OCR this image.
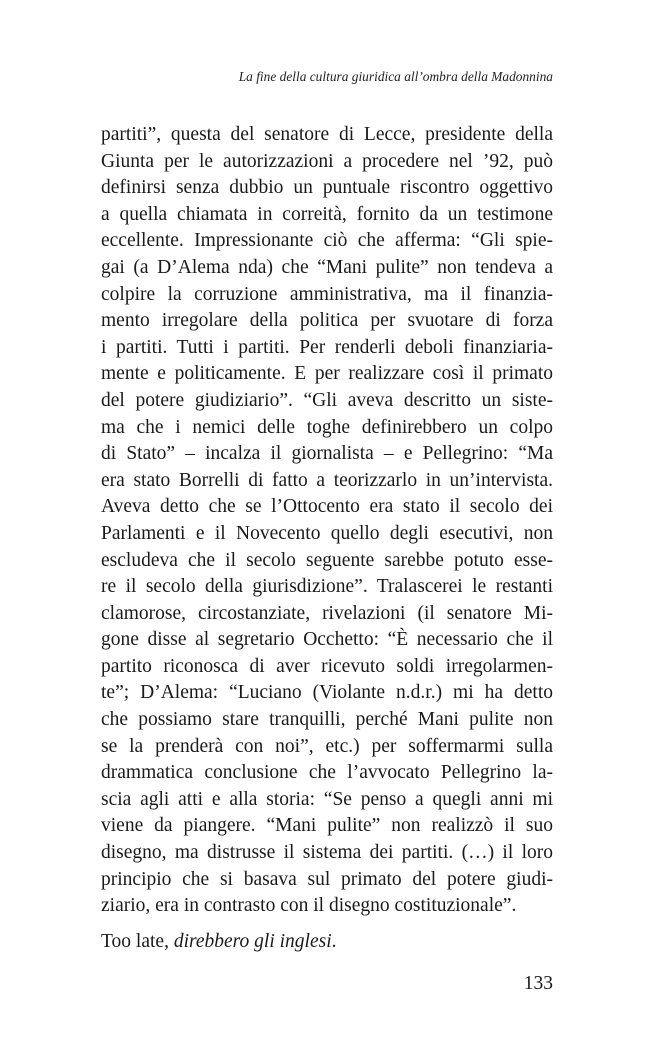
La fine della cultura giuridica all’ombra della Madonnina
partiti”, questa del senatore di Lecce, presidente della
Giunta per le autorizzazioni a procedere nel ’92, può
definirsi senza dubbio un puntuale riscontro oggettivo
a quella chiamata in correità, fornito da un testimone
eccellente. Impressionante ciò che afferma: “Gli spie-
gai (a D’Alema nda) che “Mani pulite” non tendeva a
colpire la corruzione amministrativa, ma il finanzia-
mento irregolare della politica per svuotare di forza
i partiti. Tutti i partiti. Per renderli deboli finanziaria-
mente e politicamente. E per realizzare così il primato
del potere giudiziario”. “Gli aveva descritto un siste-
ma che i nemici delle toghe definirebbero un colpo
di Stato” – incalza il giornalista – e Pellegrino: “Ma
era stato Borrelli di fatto a teorizzarlo in un’intervista.
Aveva detto che se l’Ottocento era stato il secolo dei
Parlamenti e il Novecento quello degli esecutivi, non
escludeva che il secolo seguente sarebbe potuto esse-
re il secolo della giurisdizione”. Tralascerei le restanti
clamorose, circostanziate, rivelazioni (il senatore Mi-
gone disse al segretario Occhetto: “È necessario che il
partito riconosca di aver ricevuto soldi irregolarmen-
te”; D’Alema: “Luciano (Violante n.d.r.) mi ha detto
che possiamo stare tranquilli, perché Mani pulite non
se la prenderà con noi”, etc.) per soffermarmi sulla
drammatica conclusione che l’avvocato Pellegrino la-
scia agli atti e alla storia: “Se penso a quegli anni mi
viene da piangere. “Mani pulite” non realizzò il suo
disegno, ma distrusse il sistema dei partiti. (…) il loro
principio che si basava sul primato del potere giudi-
ziario, era in contrasto con il disegno costituzionale”.
Too late, direbbero gli inglesi.
133
